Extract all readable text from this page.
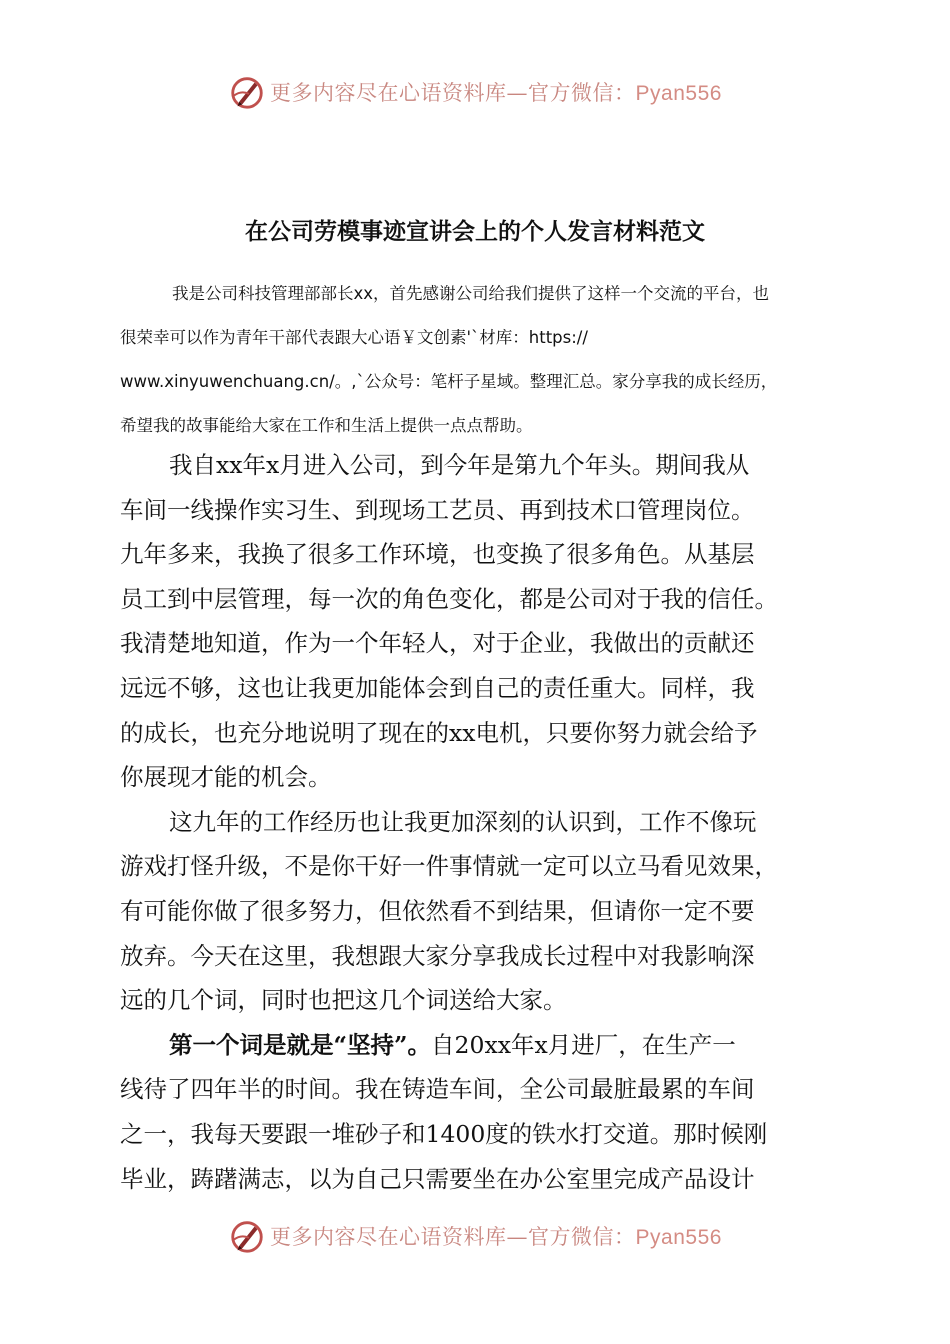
更多内容尽在心语资料库—官方微信：Pyan556
在公司劳模事迹宣讲会上的个人发言材料范文

我是公司科技管理部部长xx，首先感谢公司给我们提供了这样一个交流的平台，也
很荣幸可以作为青年干部代表跟大心语￥文创素'`材库：https://
www.xinyuwenchuang.cn/。,`公众号：笔杆子星域。整理汇总。家分享我的成长经历，
希望我的故事能给大家在工作和生活上提供一点点帮助。

我自xx年x月进入公司，到今年是第九个年头。期间我从
车间一线操作实习生、到现场工艺员、再到技术口管理岗位。
九年多来，我换了很多工作环境，也变换了很多角色。从基层
员工到中层管理，每一次的角色变化，都是公司对于我的信任。
我清楚地知道，作为一个年轻人，对于企业，我做出的贡献还
远远不够，这也让我更加能体会到自己的责任重大。同样，我
的成长，也充分地说明了现在的xx电机，只要你努力就会给予
你展现才能的机会。
这九年的工作经历也让我更加深刻的认识到，工作不像玩
游戏打怪升级，不是你干好一件事情就一定可以立马看见效果，
有可能你做了很多努力，但依然看不到结果，但请你一定不要
放弃。今天在这里，我想跟大家分享我成长过程中对我影响深
远的几个词，同时也把这几个词送给大家。
第一个词是就是“坚持”。自20xx年x月进厂，在生产一
线待了四年半的时间。我在铸造车间，全公司最脏最累的车间
之一，我每天要跟一堆砂子和1400度的铁水打交道。那时候刚
毕业，踌躇满志，以为自己只需要坐在办公室里完成产品设计
更多内容尽在心语资料库—官方微信：Pyan556
